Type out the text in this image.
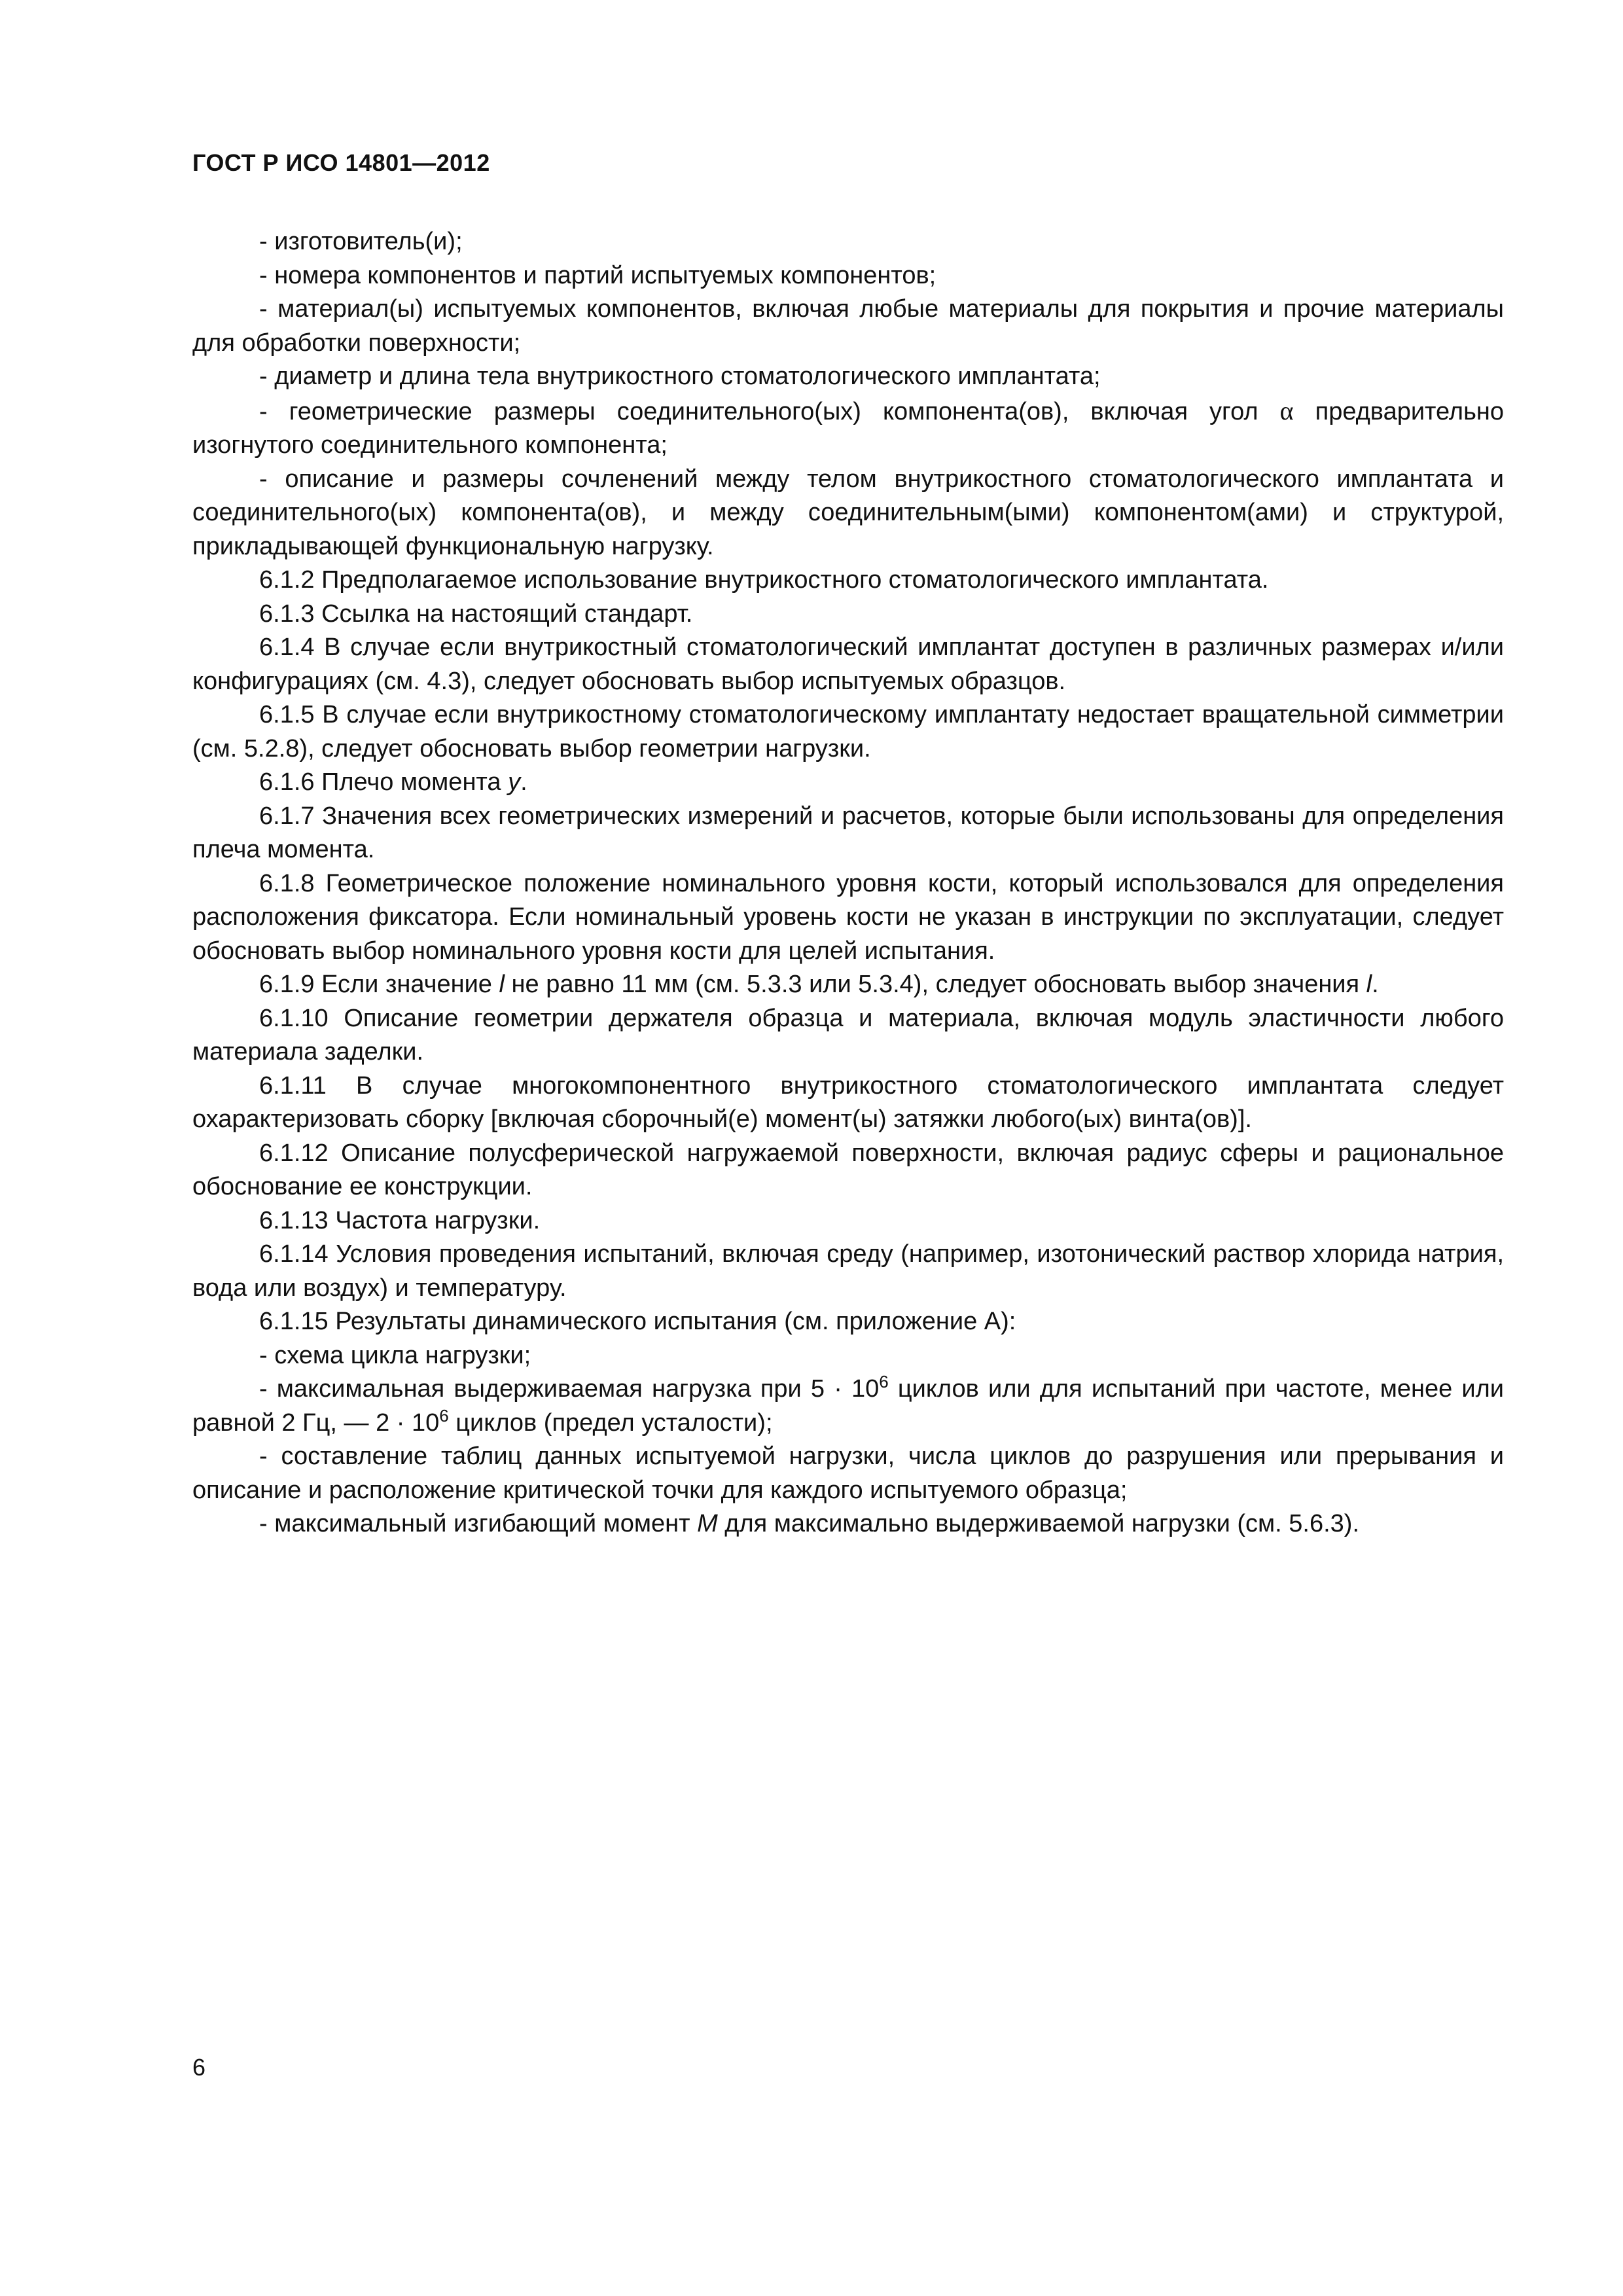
ГОСТ Р ИСО 14801—2012

- изготовитель(и);

- номера компонентов и партий испытуемых компонентов;

- материал(ы) испытуемых компонентов, включая любые материалы для покрытия и прочие материалы для обработки поверхности;

- диаметр и длина тела внутрикостного стоматологического имплантата;

- геометрические размеры соединительного(ых) компонента(ов), включая угол α предварительно изогнутого соединительного компонента;

- описание и размеры сочленений между телом внутрикостного стоматологического имплантата и соединительного(ых) компонента(ов), и между соединительным(ыми) компонентом(ами) и структурой, прикладывающей функциональную нагрузку.

6.1.2 Предполагаемое использование внутрикостного стоматологического имплантата.

6.1.3 Ссылка на настоящий стандарт.

6.1.4 В случае если внутрикостный стоматологический имплантат доступен в различных размерах и/или конфигурациях (см. 4.3), следует обосновать выбор испытуемых образцов.

6.1.5 В случае если внутрикостному стоматологическому имплантату недостает вращательной симметрии (см. 5.2.8), следует обосновать выбор геометрии нагрузки.

6.1.6 Плечо момента y.

6.1.7 Значения всех геометрических измерений и расчетов, которые были использованы для определения плеча момента.

6.1.8 Геометрическое положение номинального уровня кости, который использовался для определения расположения фиксатора. Если номинальный уровень кости не указан в инструкции по эксплуатации, следует обосновать выбор номинального уровня кости для целей испытания.

6.1.9 Если значение l не равно 11 мм (см. 5.3.3 или 5.3.4), следует обосновать выбор значения l.

6.1.10 Описание геометрии держателя образца и материала, включая модуль эластичности любого материала заделки.

6.1.11 В случае многокомпонентного внутрикостного стоматологического имплантата следует охарактеризовать сборку [включая сборочный(е) момент(ы) затяжки любого(ых) винта(ов)].

6.1.12 Описание полусферической нагружаемой поверхности, включая радиус сферы и рациональное обоснование ее конструкции.

6.1.13 Частота нагрузки.

6.1.14 Условия проведения испытаний, включая среду (например, изотонический раствор хлорида натрия, вода или воздух) и температуру.

6.1.15 Результаты динамического испытания (см. приложение А):

- схема цикла нагрузки;

- максимальная выдерживаемая нагрузка при $5 \cdot 10^6$ циклов или для испытаний при частоте, менее или равной 2 Гц, — $2 \cdot 10^6$ циклов (предел усталости);

- составление таблиц данных испытуемой нагрузки, числа циклов до разрушения или прерывания и описание и расположение критической точки для каждого испытуемого образца;

- максимальный изгибающий момент M для максимально выдерживаемой нагрузки (см. 5.6.3).

6
